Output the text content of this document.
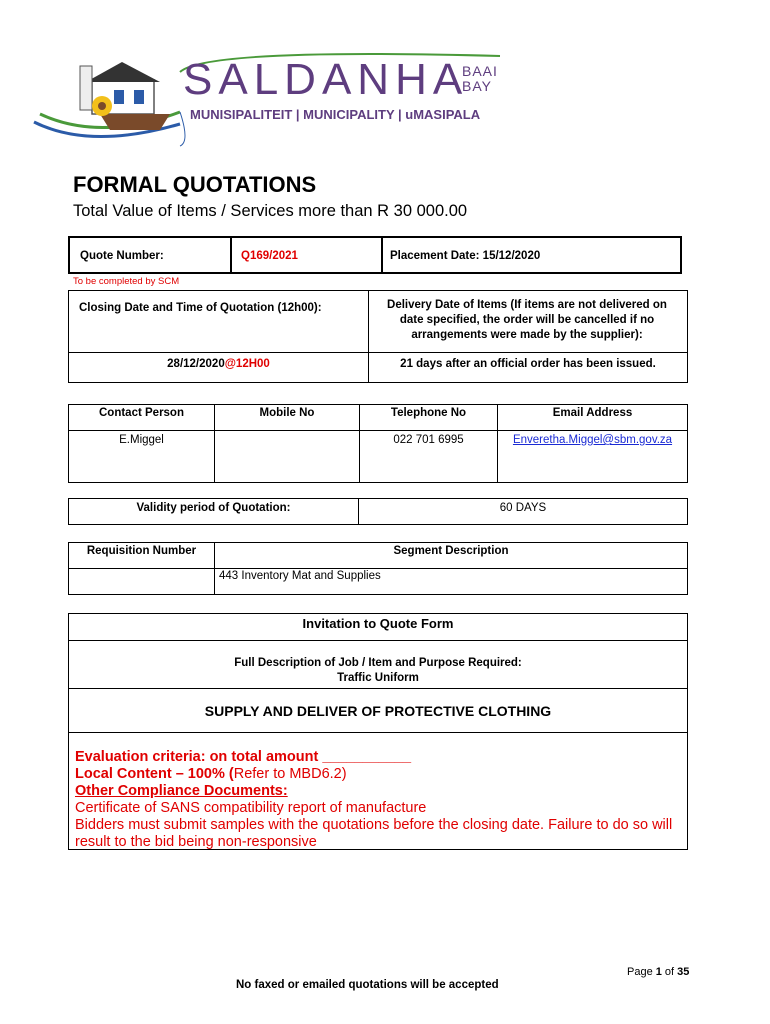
SALDANHA
BAAI
BAY
MUNISIPALITEIT | MUNICIPALITY | uMASIPALA
FORMAL QUOTATIONS
Total Value of Items / Services more than R 30 000.00
Quote Number:	Q169/2021	Placement Date: 15/12/2020
To be completed by SCM
Closing Date and Time of Quotation (12h00):	Delivery Date of Items (If items are not delivered on date specified, the order will be cancelled if no arrangements were made by the supplier):
28/12/2020@12H00	21 days after an official order has been issued.
Contact Person	Mobile No	Telephone No	Email Address
E.Miggel		022 701 6995	Enveretha.Miggel@sbm.gov.za
Validity period of Quotation:	60 DAYS
Requisition Number	Segment Description
	443 Inventory Mat and Supplies
Invitation to Quote Form

Full Description of Job / Item and Purpose Required:
Traffic Uniform

SUPPLY AND DELIVER OF PROTECTIVE CLOTHING

Evaluation criteria: on total amount ___________
Local Content – 100% (Refer to MBD6.2)
Other Compliance Documents:
Certificate of SANS compatibility report of manufacture
Bidders must submit samples with the quotations before the closing date. Failure to do so will result to the bid being non-responsive
Page 1 of 35
No faxed or emailed quotations will be accepted
